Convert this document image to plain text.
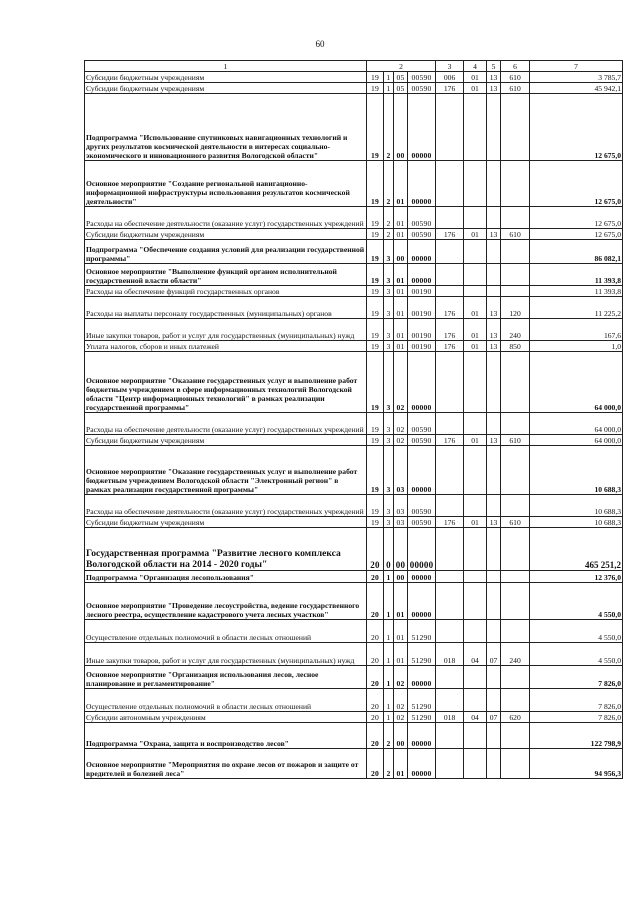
60
1	2				3	4	5	6	7
Субсидии бюджетным учреждениям	19	1	05	00590	006	01	13	610	3 785,7
Субсидии бюджетным учреждениям	19	1	05	00590	176	01	13	610	45 942,1
Подпрограмма "Использование спутниковых навигационных технологий и других результатов космической деятельности в интересах социально-экономического и инновационного развития Вологодской области"	19	2	00	00000					12 675,0
Основное мероприятие "Создание региональной навигационно-информационной инфраструктуры использования результатов космической деятельности"	19	2	01	00000					12 675,0
Расходы на обеспечение деятельности (оказание услуг) государственных учреждений	19	2	01	00590					12 675,0
Субсидии бюджетным учреждениям	19	2	01	00590	176	01	13	610	12 675,0
Подпрограмма "Обеспечение создания условий для реализации государственной программы"	19	3	00	00000					86 082,1
Основное мероприятие "Выполнение функций органом исполнительной государственной власти области"	19	3	01	00000					11 393,8
Расходы на обеспечение функций государственных органов	19	3	01	00190					11 393,8
Расходы на выплаты персоналу государственных (муниципальных) органов	19	3	01	00190	176	01	13	120	11 225,2
Иные закупки товаров, работ и услуг для государственных (муниципальных) нужд	19	3	01	00190	176	01	13	240	167,6
Уплата налогов, сборов и иных платежей	19	3	01	00190	176	01	13	850	1,0
Основное мероприятие "Оказание государственных услуг и выполнение работ бюджетным учреждением в сфере информационных технологий Вологодской области "Центр информационных технологий" в рамках реализации государственной программы"	19	3	02	00000					64 000,0
Расходы на обеспечение деятельности (оказание услуг) государственных учреждений	19	3	02	00590					64 000,0
Субсидии бюджетным учреждениям	19	3	02	00590	176	01	13	610	64 000,0
Основное мероприятие "Оказание государственных услуг и выполнение работ бюджетным учреждением Вологодской области "Электронный регион" в рамках реализации государственной программы"	19	3	03	00000					10 688,3
Расходы на обеспечение деятельности (оказание услуг) государственных учреждений	19	3	03	00590					10 688,3
Субсидии бюджетным учреждениям	19	3	03	00590	176	01	13	610	10 688,3
Государственная программа "Развитие лесного комплекса Вологодской области на 2014 - 2020 годы"	20	0	00	00000					465 251,2
Подпрограмма "Организация лесопользования"	20	1	00	00000					12 376,0
Основное мероприятие "Проведение лесоустройства, ведение государственного лесного реестра, осуществление кадастрового учета лесных участков"	20	1	01	00000					4 550,0
Осуществление отдельных полномочий в области лесных отношений	20	1	01	51290					4 550,0
Иные закупки товаров, работ и услуг для государственных (муниципальных) нужд	20	1	01	51290	018	04	07	240	4 550,0
Основное мероприятие "Организация использования лесов, лесное планирование и регламентирование"	20	1	02	00000					7 826,0
Осуществление отдельных полномочий в области лесных отношений	20	1	02	51290					7 826,0
Субсидии автономным учреждениям	20	1	02	51290	018	04	07	620	7 826,0
Подпрограмма "Охрана, защита и воспроизводство лесов"	20	2	00	00000					122 798,9
Основное мероприятие "Мероприятия по охране лесов от пожаров и защите от вредителей и болезней леса"	20	2	01	00000					94 956,3
